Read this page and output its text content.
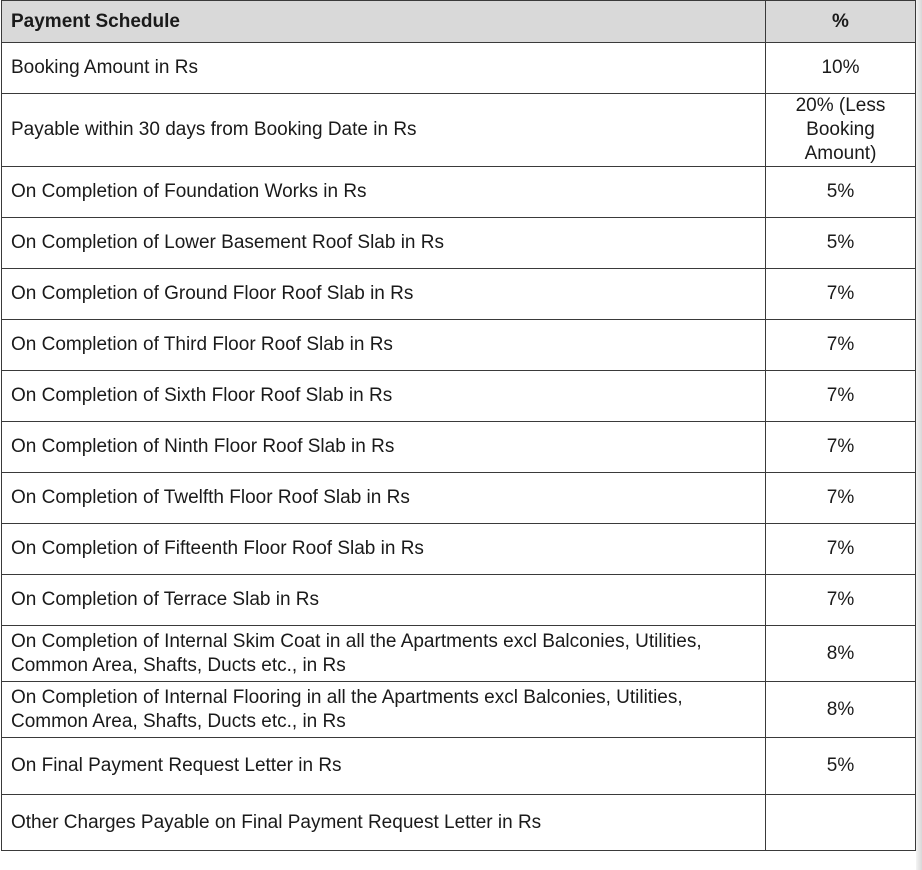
Payment Schedule	%
Booking Amount in Rs	10%
Payable within 30 days from Booking Date in Rs	20% (Less Booking Amount)
On Completion of Foundation Works in Rs	5%
On Completion of Lower Basement Roof Slab in Rs	5%
On Completion of Ground Floor Roof Slab in Rs	7%
On Completion of Third Floor Roof Slab in Rs	7%
On Completion of Sixth Floor Roof Slab in Rs	7%
On Completion of Ninth Floor Roof Slab in Rs	7%
On Completion of Twelfth Floor Roof Slab in Rs	7%
On Completion of Fifteenth Floor Roof Slab in Rs	7%
On Completion of Terrace Slab in Rs	7%
On Completion of Internal Skim Coat in all the Apartments excl Balconies, Utilities, Common Area, Shafts, Ducts etc., in Rs	8%
On Completion of Internal Flooring in all the Apartments excl Balconies, Utilities, Common Area, Shafts, Ducts etc., in Rs	8%
On Final Payment Request Letter in Rs	5%
Other Charges Payable on Final Payment Request Letter in Rs	
